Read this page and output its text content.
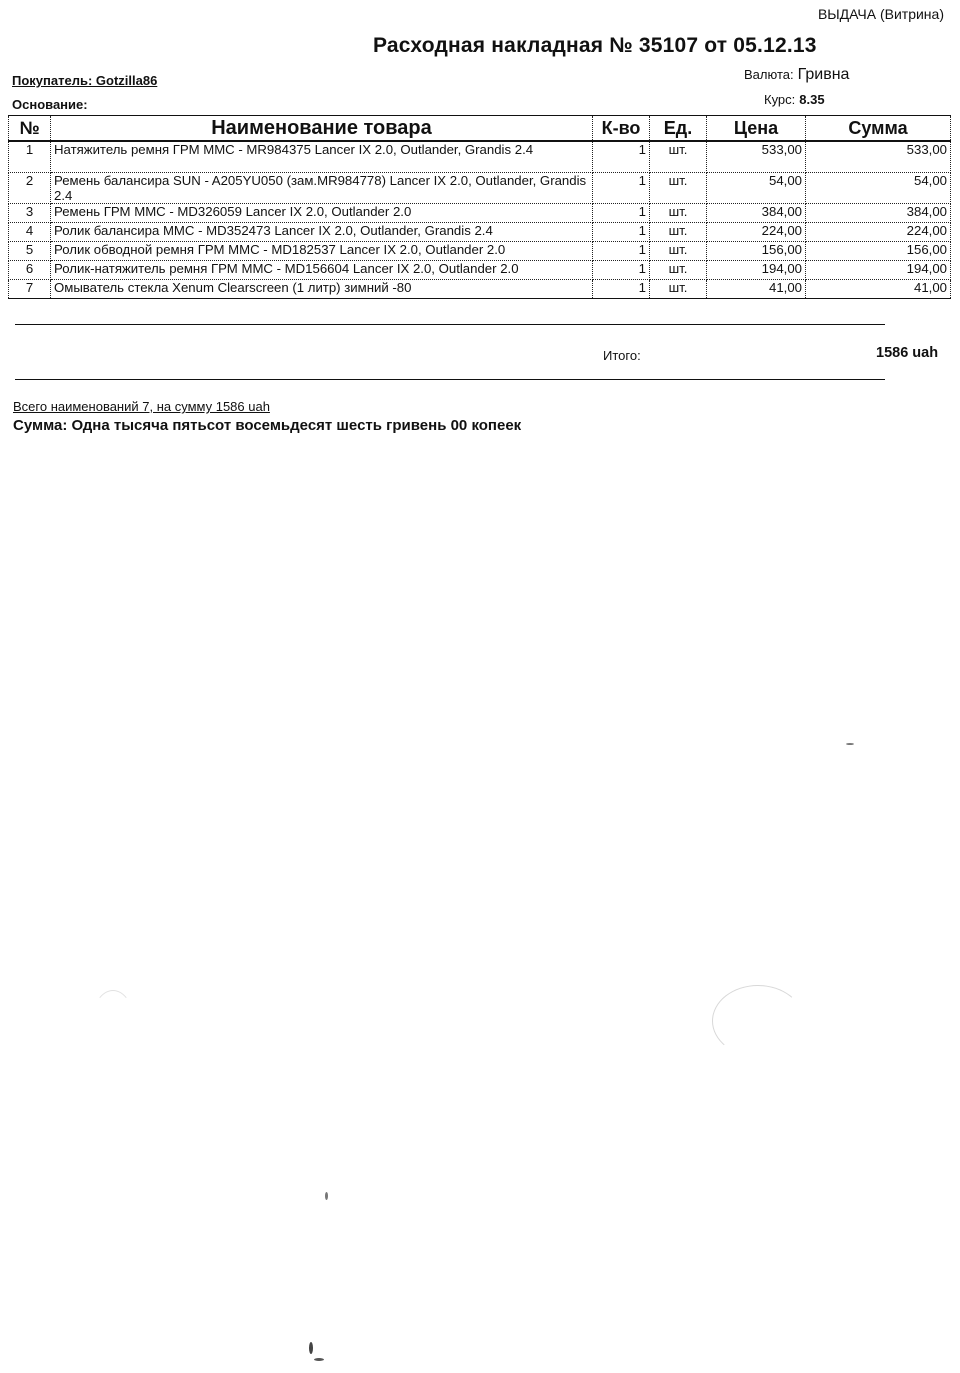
ВЫДАЧА (Витрина)
Расходная накладная № 35107 от 05.12.13
Покупатель: Gotzilla86
Основание:
Валюта: Гривна
Курс: 8.35
№	Наименование товара	К-во	Ед.	Цена	Сумма
1	Натяжитель ремня ГРМ MMC - MR984375 Lancer IX 2.0, Outlander, Grandis 2.4	1	шт.	533,00	533,00
2	Ремень балансира SUN - A205YU050 (зам.MR984778) Lancer IX 2.0, Outlander, Grandis 2.4	1	шт.	54,00	54,00
3	Ремень ГРМ MMC - MD326059 Lancer IX 2.0, Outlander 2.0	1	шт.	384,00	384,00
4	Ролик балансира MMC - MD352473 Lancer IX 2.0, Outlander, Grandis 2.4	1	шт.	224,00	224,00
5	Ролик обводной ремня ГРМ MMC - MD182537 Lancer IX 2.0, Outlander 2.0	1	шт.	156,00	156,00
6	Ролик-натяжитель ремня ГРМ MMC - MD156604 Lancer IX 2.0, Outlander 2.0	1	шт.	194,00	194,00
7	Омыватель стекла Xenum Clearscreen (1 литр) зимний -80	1	шт.	41,00	41,00
Итого:	1586 uah
Всего наименований 7, на сумму 1586 uah
Сумма: Одна тысяча пятьсот восемьдесят шесть гривень 00 копеек
